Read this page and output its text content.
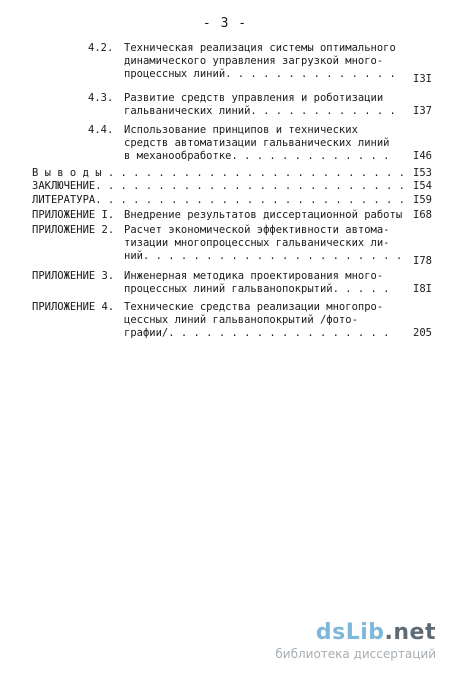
- 3 -
4.2. Техническая реализация системы оптимального
динамического управления загрузкой много-
процессных линий. . . . . . . . . . . . . . I3I
4.3. Развитие средств управления и роботизации
гальванических линий. . . . . . . . . . . . I37
4.4. Использование принципов и технических
средств автоматизации гальванических линий
в механообработке. . . . . . . . . . . . . I46
В ы в о д ы . . . . . . . . . . . . . . . . . . . . . . . . I53
ЗАКЛЮЧЕНИЕ. . . . . . . . . . . . . . . . . . . . . . . . . I54
ЛИТЕРАТУРА. . . . . . . . . . . . . . . . . . . . . . . . . I59
ПРИЛОЖЕНИЕ I. Внедрение результатов диссертационной работы I68
ПРИЛОЖЕНИЕ 2. Расчет экономической эффективности автома-
тизации многопроцессных гальванических ли-
ний. . . . . . . . . . . . . . . . . . . . . I78
ПРИЛОЖЕНИЕ 3. Инженерная методика проектирования много-
процессных линий гальванопокрытий. . . . . I8I
ПРИЛОЖЕНИЕ 4. Технические средства реализации многопро-
цессных линий гальванопокрытий /фото-
графии/. . . . . . . . . . . . . . . . . . 205
dsLib.net
библиотека диссертаций
